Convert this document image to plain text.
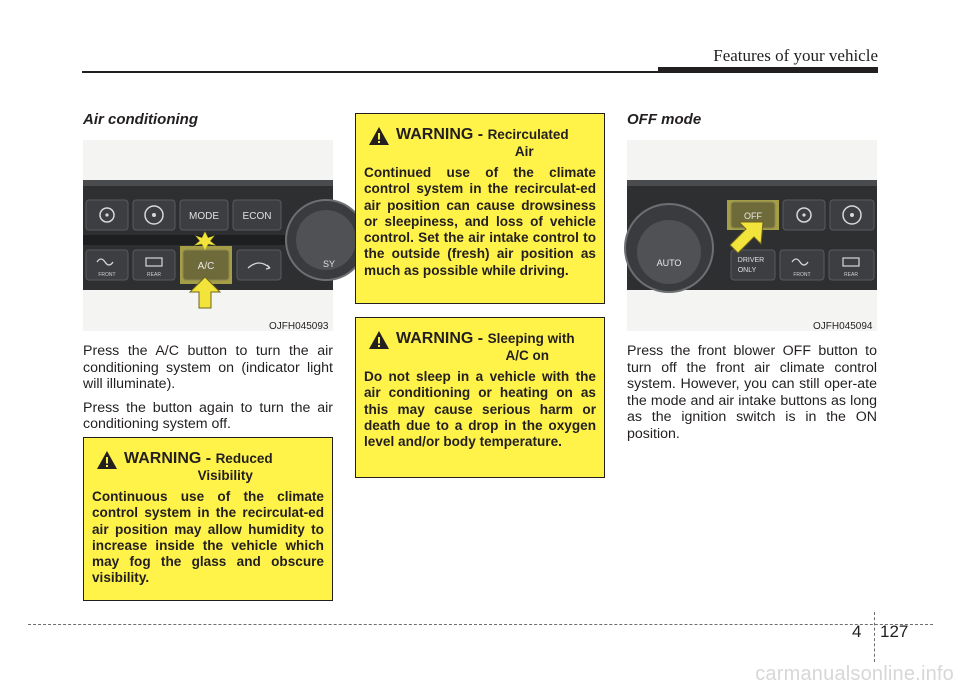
Features of your vehicle
Air conditioning
MODE ECON
FRONT	REAR
A/C	SY
OJFH045093

Press the A/C button to turn the air conditioning system on (indicator light will illuminate).

Press the button again to turn the air conditioning system off.

WARNING - Reduced
Visibility
Continuous use of the climate control system in the recirculat-ed air position may allow humidity to increase inside the vehicle which may fog the glass and obscure visibility.
WARNING - Recirculated
Air
Continued use of the climate control system in the recirculat-ed air position can cause drowsiness or sleepiness, and loss of vehicle control. Set the air intake control to the outside (fresh) air position as much as possible while driving.
WARNING - Sleeping with
A/C on
Do not sleep in a vehicle with the air conditioning or heating on as this may cause serious harm or death due to a drop in the oxygen level and/or body temperature.
OFF mode
AUTO
OFF
DRIVER
ONLY
FRONT	REAR
OJFH045094

Press the front blower OFF button to turn off the front air climate control system. However, you can still oper-ate the mode and air intake buttons as long as the ignition switch is in the ON position.

4 127
carmanualsonline.info
